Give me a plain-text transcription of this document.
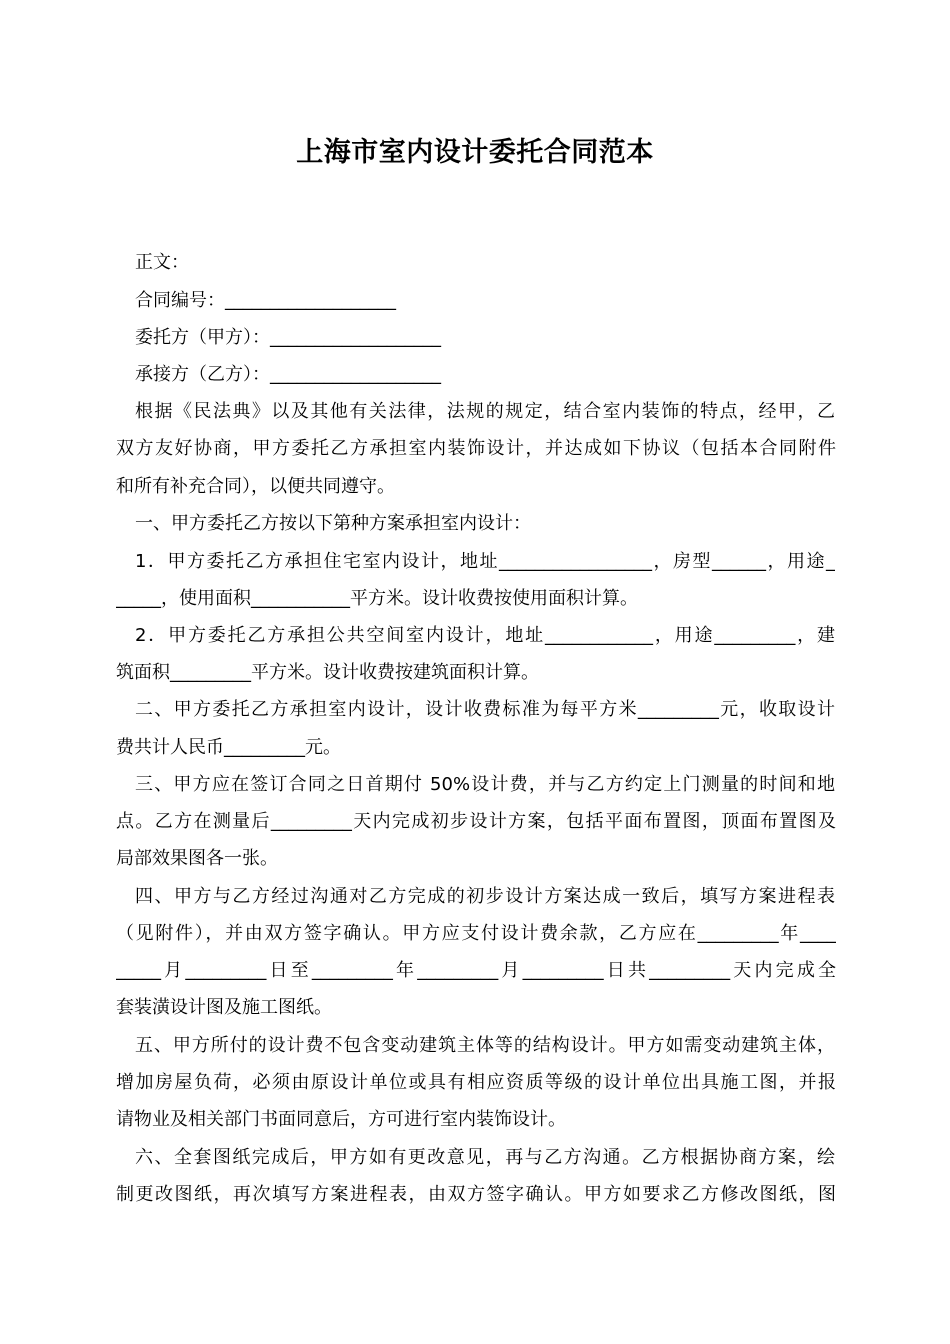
上海市室内设计委托合同范本
正文：
合同编号：___________________
委托方（甲方）：___________________
承接方（乙方）：___________________
根据《民法典》以及其他有关法律，法规的规定，结合室内装饰的特点，经甲，乙
双方友好协商，甲方委托乙方承担室内装饰设计，并达成如下协议（包括本合同附件
和所有补充合同），以便共同遵守。
一、甲方委托乙方按以下第种方案承担室内设计：
1．甲方委托乙方承担住宅室内设计，地址_________________，房型______，用途_
_____，使用面积___________平方米。设计收费按使用面积计算。
2．甲方委托乙方承担公共空间室内设计，地址____________，用途_________，建
筑面积_________平方米。设计收费按建筑面积计算。
二、甲方委托乙方承担室内设计，设计收费标准为每平方米_________元，收取设计
费共计人民币_________元。
三、甲方应在签订合同之日首期付 50%设计费，并与乙方约定上门测量的时间和地
点。乙方在测量后_________天内完成初步设计方案，包括平面布置图，顶面布置图及
局部效果图各一张。
四、甲方与乙方经过沟通对乙方完成的初步设计方案达成一致后，填写方案进程表
（见附件），并由双方签字确认。甲方应支付设计费余款，乙方应在_________年____
_____月_________日至_________年_________月_________日共_________天内完成全
套装潢设计图及施工图纸。
五、甲方所付的设计费不包含变动建筑主体等的结构设计。甲方如需变动建筑主体，
增加房屋负荷，必须由原设计单位或具有相应资质等级的设计单位出具施工图，并报
请物业及相关部门书面同意后，方可进行室内装饰设计。
六、全套图纸完成后，甲方如有更改意见，再与乙方沟通。乙方根据协商方案，绘
制更改图纸，再次填写方案进程表，由双方签字确认。甲方如要求乙方修改图纸，图
